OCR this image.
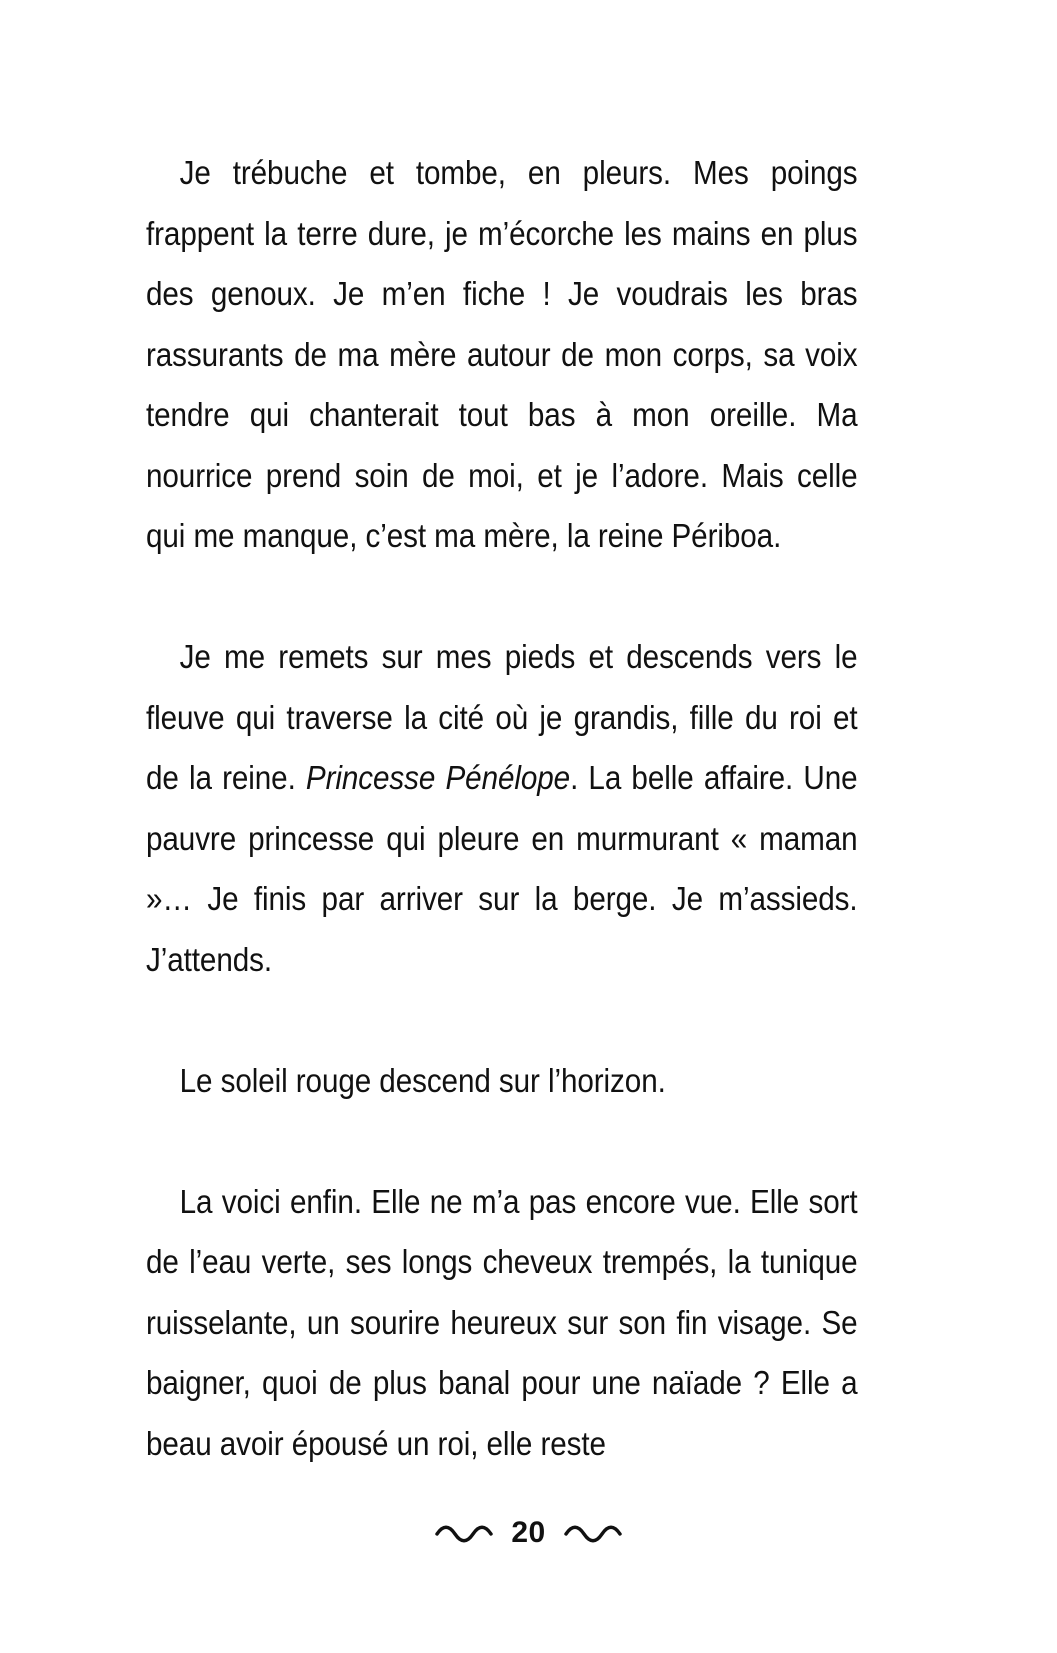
Je trébuche et tombe, en pleurs. Mes poings frappent la terre dure, je m’écorche les mains en plus des genoux. Je m’en fiche ! Je voudrais les bras rassurants de ma mère autour de mon corps, sa voix tendre qui chanterait tout bas à mon oreille. Ma nourrice prend soin de moi, et je l’adore. Mais celle qui me manque, c’est ma mère, la reine Périboa.

Je me remets sur mes pieds et descends vers le fleuve qui traverse la cité où je grandis, fille du roi et de la reine. Princesse Pénélope. La belle affaire. Une pauvre princesse qui pleure en murmurant « maman »… Je finis par arriver sur la berge. Je m’assieds. J’attends.

Le soleil rouge descend sur l’horizon.

La voici enfin. Elle ne m’a pas encore vue. Elle sort de l’eau verte, ses longs cheveux trempés, la tunique ruisselante, un sourire heureux sur son fin visage. Se baigner, quoi de plus banal pour une naïade ? Elle a beau avoir épousé un roi, elle reste

20
